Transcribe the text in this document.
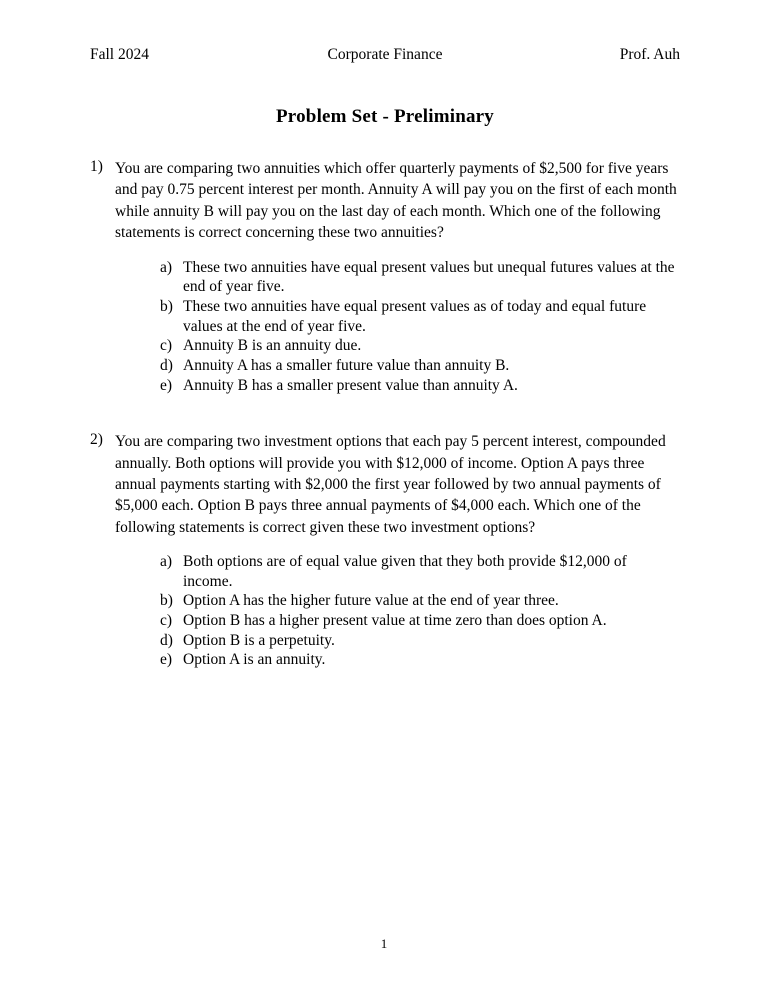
Fall 2024	Corporate Finance	Prof. Auh
Problem Set - Preliminary
1) You are comparing two annuities which offer quarterly payments of $2,500 for five years and pay 0.75 percent interest per month. Annuity A will pay you on the first of each month while annuity B will pay you on the last day of each month. Which one of the following statements is correct concerning these two annuities?

a) These two annuities have equal present values but unequal futures values at the end of year five.
b) These two annuities have equal present values as of today and equal future values at the end of year five.
c) Annuity B is an annuity due.
d) Annuity A has a smaller future value than annuity B.
e) Annuity B has a smaller present value than annuity A.
2) You are comparing two investment options that each pay 5 percent interest, compounded annually. Both options will provide you with $12,000 of income. Option A pays three annual payments starting with $2,000 the first year followed by two annual payments of $5,000 each. Option B pays three annual payments of $4,000 each. Which one of the following statements is correct given these two investment options?

a) Both options are of equal value given that they both provide $12,000 of income.
b) Option A has the higher future value at the end of year three.
c) Option B has a higher present value at time zero than does option A.
d) Option B is a perpetuity.
e) Option A is an annuity.
1
